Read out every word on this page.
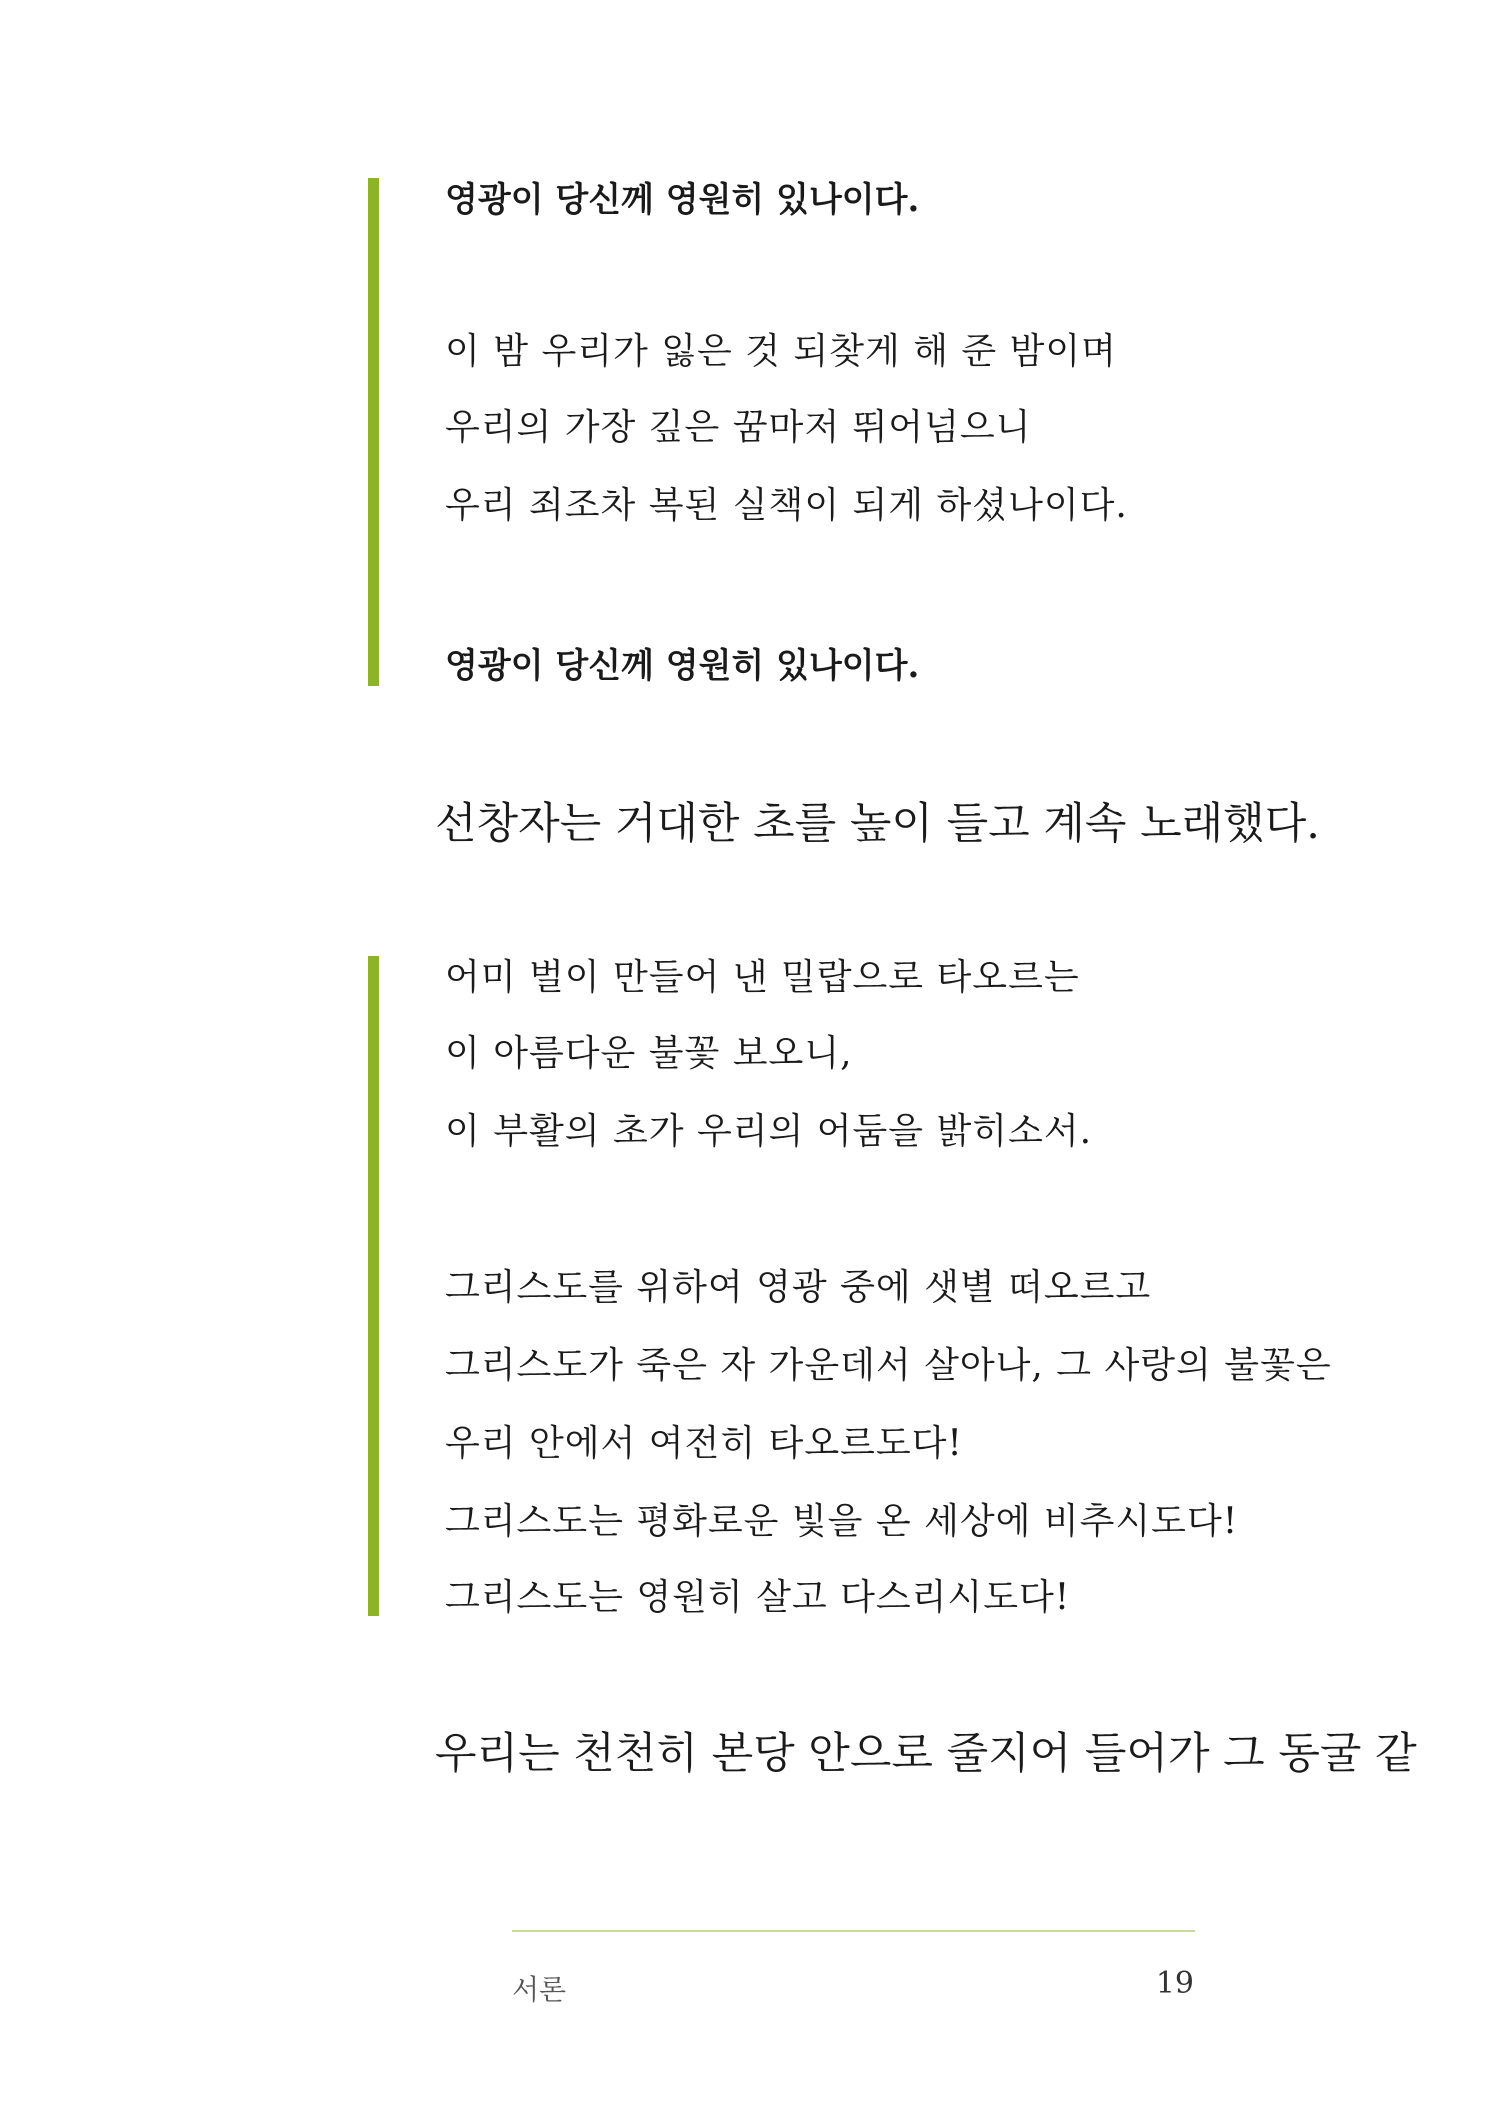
영광이 당신께 영원히 있나이다.
이 밤 우리가 잃은 것 되찾게 해 준 밤이며
우리의 가장 깊은 꿈마저 뛰어넘으니
우리 죄조차 복된 실책이 되게 하셨나이다.
영광이 당신께 영원히 있나이다.
선창자는 거대한 초를 높이 들고 계속 노래했다.
어미 벌이 만들어 낸 밀랍으로 타오르는
이 아름다운 불꽃 보오니,
이 부활의 초가 우리의 어둠을 밝히소서.
그리스도를 위하여 영광 중에 샛별 떠오르고
그리스도가 죽은 자 가운데서 살아나, 그 사랑의 불꽃은
우리 안에서 여전히 타오르도다!
그리스도는 평화로운 빛을 온 세상에 비추시도다!
그리스도는 영원히 살고 다스리시도다!
우리는 천천히 본당 안으로 줄지어 들어가 그 동굴 같
서론	19
